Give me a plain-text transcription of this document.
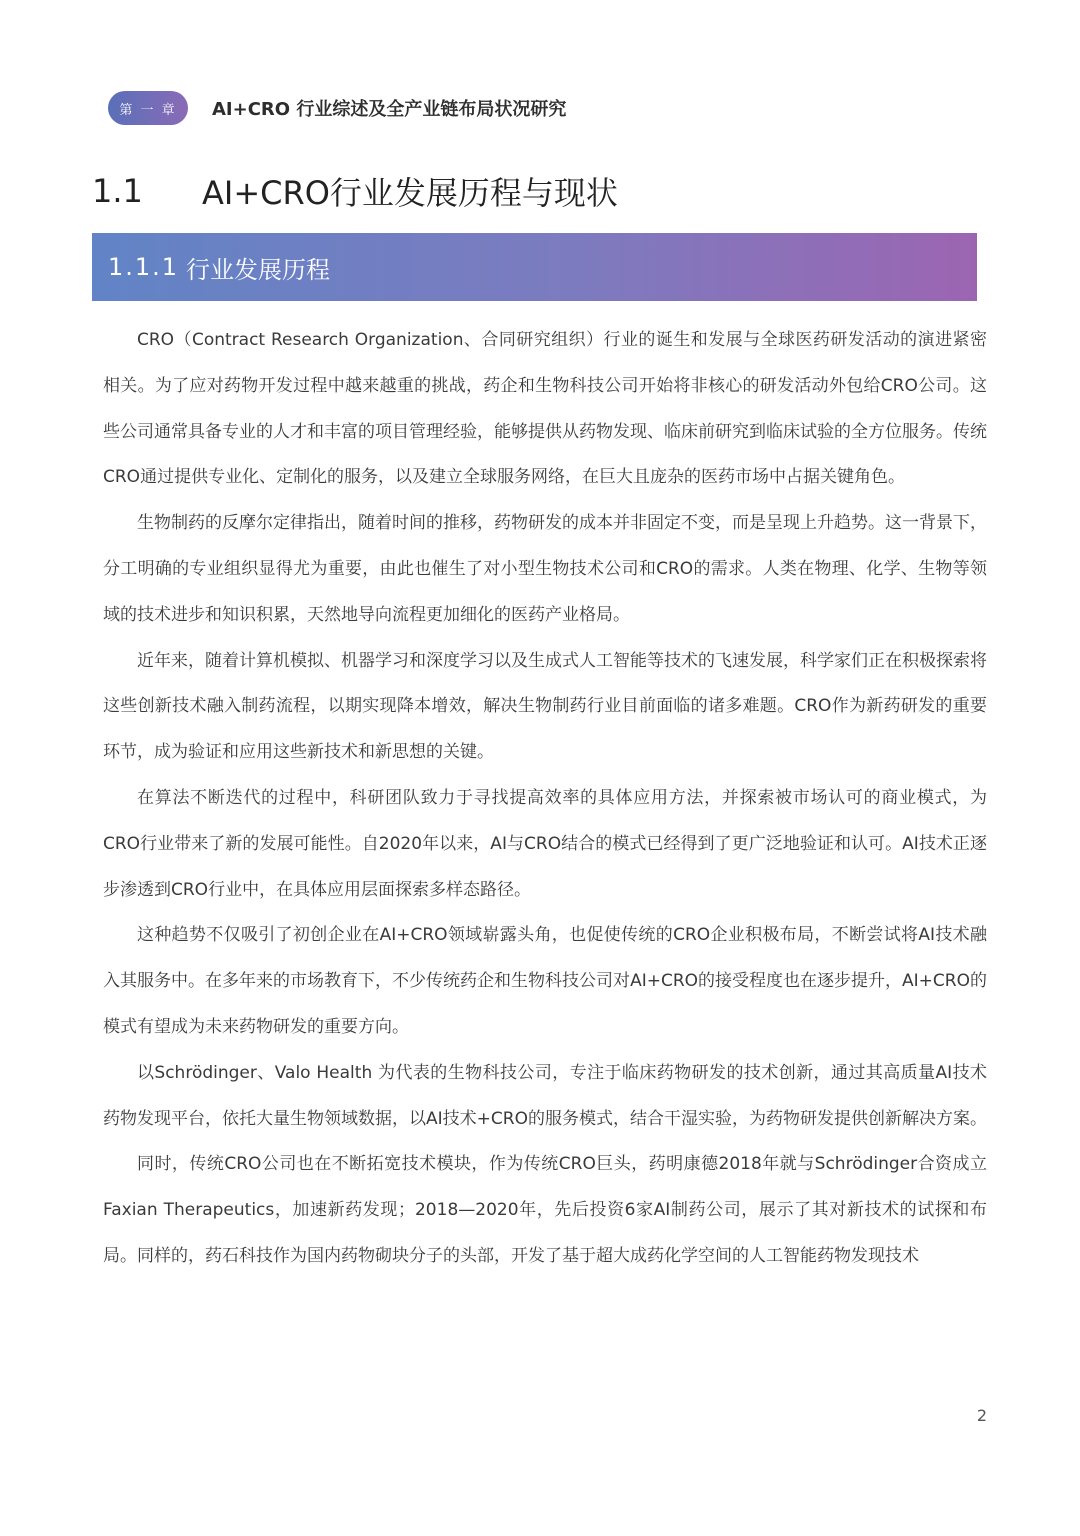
第 一 章	AI+CRO 行业综述及全产业链布局状况研究
1.1	AI+CRO行业发展历程与现状
1.1.1 行业发展历程

CRO（Contract Research Organization、合同研究组织）行业的诞生和发展与全球医药研发活动的演进紧密相关。为了应对药物开发过程中越来越重的挑战，药企和生物科技公司开始将非核心的研发活动外包给CRO公司。这些公司通常具备专业的人才和丰富的项目管理经验，能够提供从药物发现、临床前研究到临床试验的全方位服务。传统CRO通过提供专业化、定制化的服务，以及建立全球服务网络，在巨大且庞杂的医药市场中占据关键角色。

生物制药的反摩尔定律指出，随着时间的推移，药物研发的成本并非固定不变，而是呈现上升趋势。这一背景下，分工明确的专业组织显得尤为重要，由此也催生了对小型生物技术公司和CRO的需求。人类在物理、化学、生物等领域的技术进步和知识积累，天然地导向流程更加细化的医药产业格局。

近年来，随着计算机模拟、机器学习和深度学习以及生成式人工智能等技术的飞速发展，科学家们正在积极探索将这些创新技术融入制药流程，以期实现降本增效，解决生物制药行业目前面临的诸多难题。CRO作为新药研发的重要环节，成为验证和应用这些新技术和新思想的关键。

在算法不断迭代的过程中，科研团队致力于寻找提高效率的具体应用方法，并探索被市场认可的商业模式，为CRO行业带来了新的发展可能性。自2020年以来，AI与CRO结合的模式已经得到了更广泛地验证和认可。AI技术正逐步渗透到CRO行业中，在具体应用层面探索多样态路径。

这种趋势不仅吸引了初创企业在AI+CRO领域崭露头角，也促使传统的CRO企业积极布局，不断尝试将AI技术融入其服务中。在多年来的市场教育下，不少传统药企和生物科技公司对AI+CRO的接受程度也在逐步提升，AI+CRO的模式有望成为未来药物研发的重要方向。

以Schrödinger、Valo Health 为代表的生物科技公司，专注于临床药物研发的技术创新，通过其高质量AI技术药物发现平台，依托大量生物领域数据，以AI技术+CRO的服务模式，结合干湿实验，为药物研发提供创新解决方案。

同时，传统CRO公司也在不断拓宽技术模块，作为传统CRO巨头，药明康德2018年就与Schrödinger合资成立Faxian Therapeutics，加速新药发现；2018—2020年，先后投资6家AI制药公司，展示了其对新技术的试探和布局。同样的，药石科技作为国内药物砌块分子的头部，开发了基于超大成药化学空间的人工智能药物发现技术

2
